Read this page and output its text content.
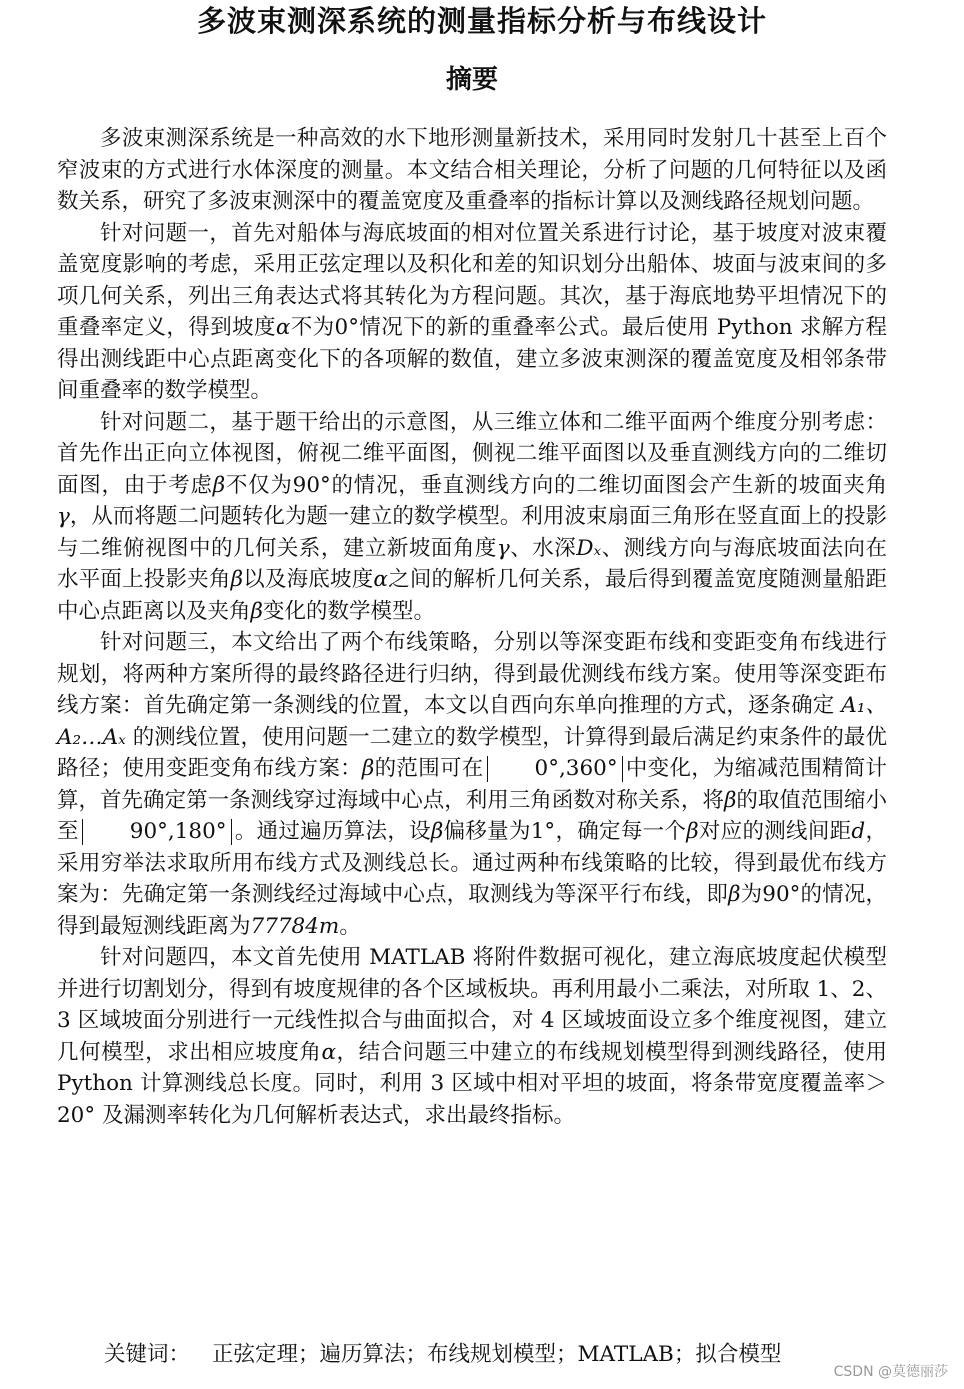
多波束测深系统的测量指标分析与布线设计
摘要

多波束测深系统是一种高效的水下地形测量新技术，采用同时发射几十甚至上百个窄波束的方式进行水体深度的测量。本文结合相关理论，分析了问题的几何特征以及函数关系，研究了多波束测深中的覆盖宽度及重叠率的指标计算以及测线路径规划问题。

针对问题一，首先对船体与海底坡面的相对位置关系进行讨论，基于坡度对波束覆盖宽度影响的考虑，采用正弦定理以及积化和差的知识划分出船体、坡面与波束间的多项几何关系，列出三角表达式将其转化为方程问题。其次，基于海底地势平坦情况下的重叠率定义，得到坡度α不为0°情况下的新的重叠率公式。最后使用 Python 求解方程得出测线距中心点距离变化下的各项解的数值，建立多波束测深的覆盖宽度及相邻条带间重叠率的数学模型。

针对问题二，基于题干给出的示意图，从三维立体和二维平面两个维度分别考虑：首先作出正向立体视图，俯视二维平面图，侧视二维平面图以及垂直测线方向的二维切面图，由于考虑β不仅为90°的情况，垂直测线方向的二维切面图会产生新的坡面夹角γ，从而将题二问题转化为题一建立的数学模型。利用波束扇面三角形在竖直面上的投影与二维俯视图中的几何关系，建立新坡面角度γ、水深Dₓ、测线方向与海底坡面法向在水平面上投影夹角β以及海底坡度α之间的解析几何关系，最后得到覆盖宽度随测量船距中心点距离以及夹角β变化的数学模型。

针对问题三，本文给出了两个布线策略，分别以等深变距布线和变距变角布线进行规划，将两种方案所得的最终路径进行归纳，得到最优测线布线方案。使用等深变距布线方案：首先确定第一条测线的位置，本文以自西向东单向推理的方式，逐条确定 A₁、A₂…Aₓ 的测线位置，使用问题一二建立的数学模型，计算得到最后满足约束条件的最优路径；使用变距变角布线方案：β的范围可在 0°,360° 中变化，为缩减范围精简计算，首先确定第一条测线穿过海域中心点，利用三角函数对称关系，将β的取值范围缩小至 90°,180° 。通过遍历算法，设β偏移量为1°，确定每一个β对应的测线间距d，采用穷举法求取所用布线方式及测线总长。通过两种布线策略的比较，得到最优布线方案为：先确定第一条测线经过海域中心点，取测线为等深平行布线，即β为90°的情况，得到最短测线距离为77784m。

针对问题四，本文首先使用 MATLAB 将附件数据可视化，建立海底坡度起伏模型并进行切割划分，得到有坡度规律的各个区域板块。再利用最小二乘法，对所取 1、2、3 区域坡面分别进行一元线性拟合与曲面拟合，对 4 区域坡面设立多个维度视图，建立几何模型，求出相应坡度角α，结合问题三中建立的布线规划模型得到测线路径，使用 Python 计算测线总长度。同时，利用 3 区域中相对平坦的坡面，将条带宽度覆盖率＞20° 及漏测率转化为几何解析表达式，求出最终指标。

关键词： 正弦定理；遍历算法；布线规划模型；MATLAB；拟合模型
CSDN @莫德丽莎
